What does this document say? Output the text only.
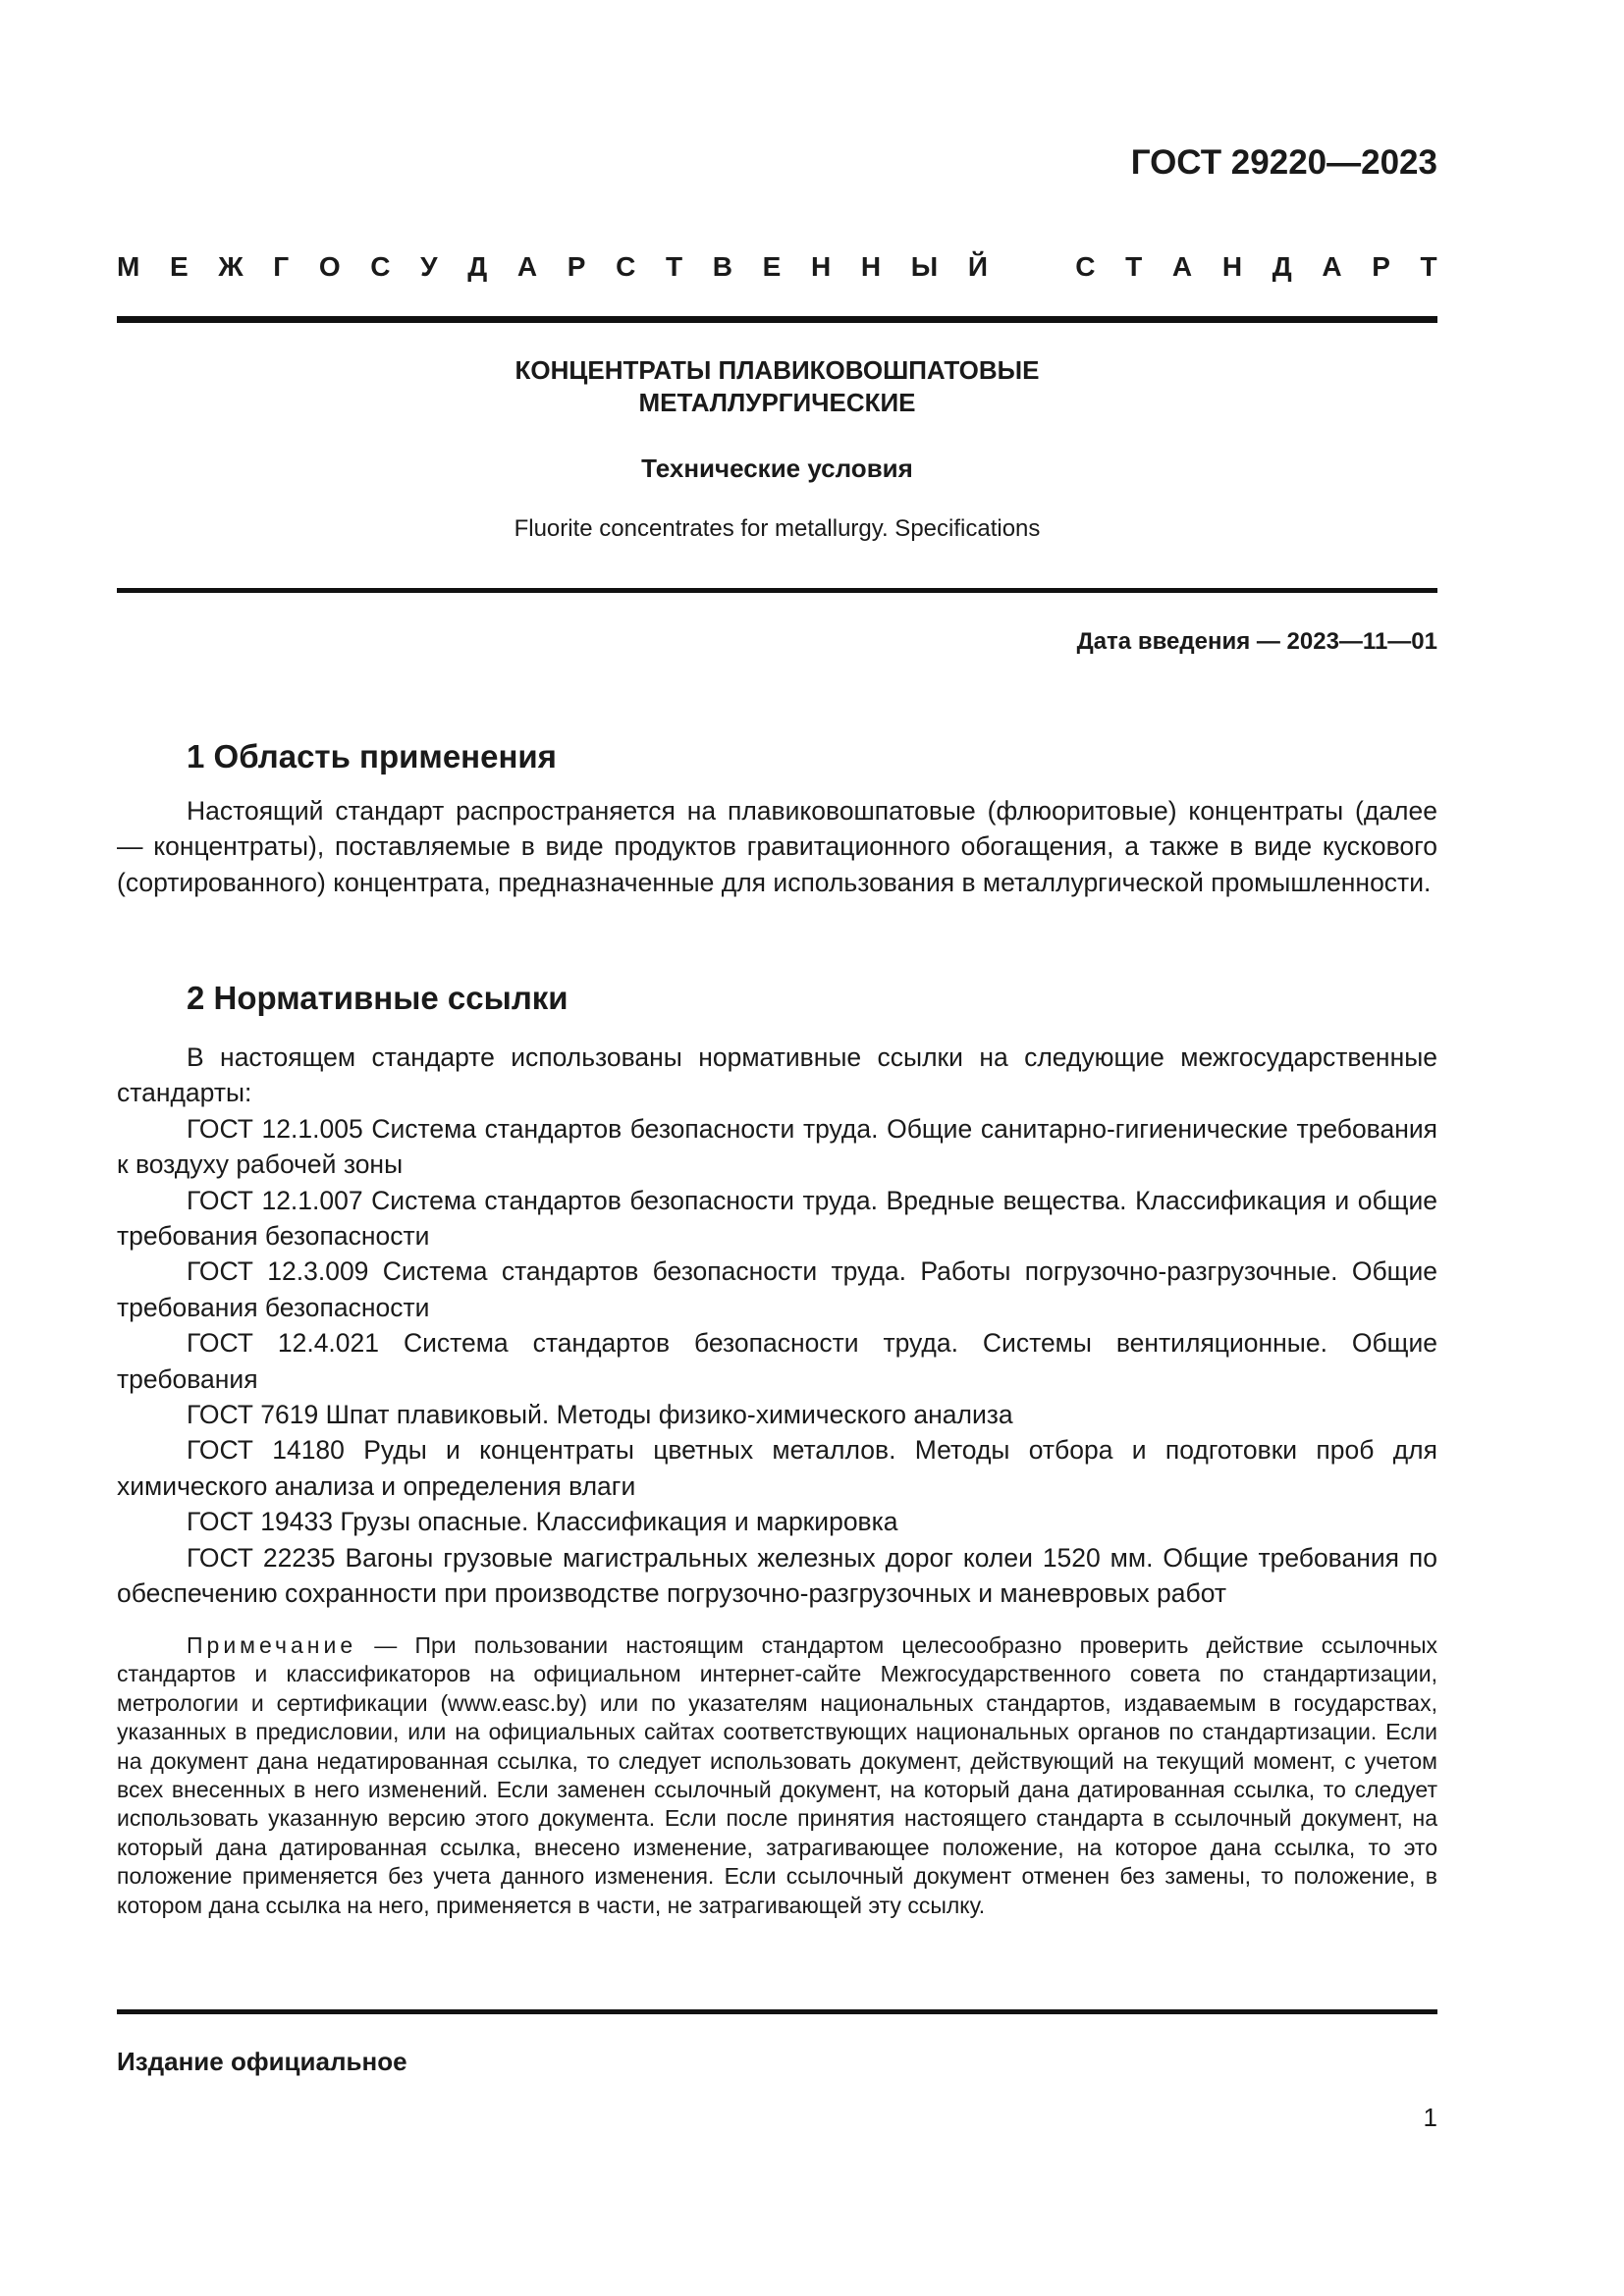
ГОСТ 29220—2023
М Е Ж Г О С У Д А Р С Т В Е Н Н Ы Й	С Т А Н Д А Р Т
КОНЦЕНТРАТЫ ПЛАВИКОВОШПАТОВЫЕ
МЕТАЛЛУРГИЧЕСКИЕ
Технические условия
Fluorite concentrates for metallurgy. Specifications
Дата введения — 2023—11—01
1 Область применения

Настоящий стандарт распространяется на плавиковошпатовые (флюоритовые) концентраты (далее — концентраты), поставляемые в виде продуктов гравитационного обогащения, а также в виде кускового (сортированного) концентрата, предназначенные для использования в металлургической промышленности.

2 Нормативные ссылки

В настоящем стандарте использованы нормативные ссылки на следующие межгосударственные стандарты:

ГОСТ 12.1.005 Система стандартов безопасности труда. Общие санитарно-гигиенические требования к воздуху рабочей зоны

ГОСТ 12.1.007 Система стандартов безопасности труда. Вредные вещества. Классификация и общие требования безопасности

ГОСТ 12.3.009 Система стандартов безопасности труда. Работы погрузочно-разгрузочные. Общие требования безопасности

ГОСТ 12.4.021 Система стандартов безопасности труда. Системы вентиляционные. Общие требования

ГОСТ 7619 Шпат плавиковый. Методы физико-химического анализа

ГОСТ 14180 Руды и концентраты цветных металлов. Методы отбора и подготовки проб для химического анализа и определения влаги

ГОСТ 19433 Грузы опасные. Классификация и маркировка

ГОСТ 22235 Вагоны грузовые магистральных железных дорог колеи 1520 мм. Общие требования по обеспечению сохранности при производстве погрузочно-разгрузочных и маневровых работ

Примечание — При пользовании настоящим стандартом целесообразно проверить действие ссылочных стандартов и классификаторов на официальном интернет-сайте Межгосударственного совета по стандартизации, метрологии и сертификации (www.easc.by) или по указателям национальных стандартов, издаваемым в государствах, указанных в предисловии, или на официальных сайтах соответствующих национальных органов по стандартизации. Если на документ дана недатированная ссылка, то следует использовать документ, действующий на текущий момент, с учетом всех внесенных в него изменений. Если заменен ссылочный документ, на который дана датированная ссылка, то следует использовать указанную версию этого документа. Если после принятия настоящего стандарта в ссылочный документ, на который дана датированная ссылка, внесено изменение, затрагивающее положение, на которое дана ссылка, то это положение применяется без учета данного изменения. Если ссылочный документ отменен без замены, то положение, в котором дана ссылка на него, применяется в части, не затрагивающей эту ссылку.

Издание официальное
1
